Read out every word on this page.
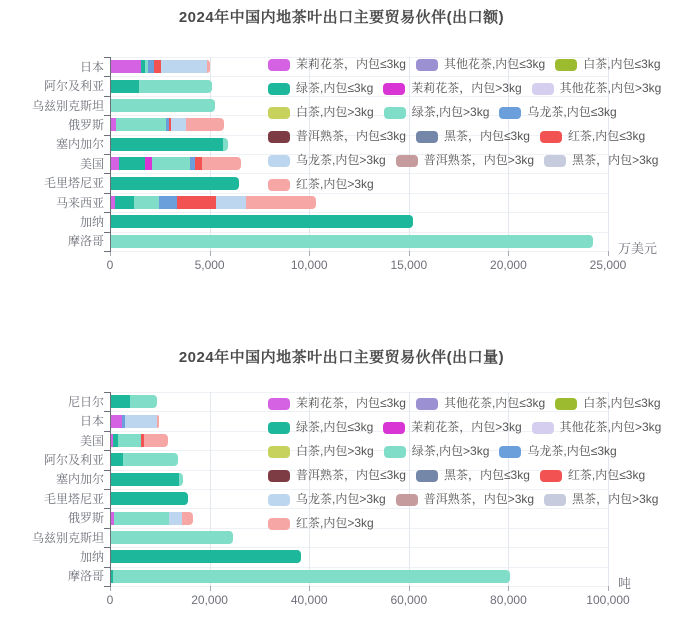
2024年中国内地茶叶出口主要贸易伙伴(出口额)
2024年中国内地茶叶出口主要贸易伙伴(出口量)
万美元
吨
0	5,000	10,000	15,000	20,000	25,000
日本
阿尔及利亚
乌兹别克斯坦
俄罗斯
塞内加尔
美国
毛里塔尼亚
马来西亚
加纳
摩洛哥
茉莉花茶，内包≤3kg	其他花茶,内包≤3kg	白茶,内包≤3kg
绿茶,内包≤3kg	茉莉花茶，内包>3kg	其他花茶,内包>3kg
白茶,内包>3kg	绿茶,内包>3kg	乌龙茶,内包≤3kg
普洱熟茶，内包≤3kg	黑茶，内包≤3kg	红茶,内包≤3kg
乌龙茶,内包>3kg	普洱熟茶，内包>3kg	黑茶，内包>3kg
红茶,内包>3kg
0	20,000	40,000	60,000	80,000	100,000
尼日尔
日本
美国
阿尔及利亚
塞内加尔
毛里塔尼亚
俄罗斯
乌兹别克斯坦
加纳
摩洛哥
茉莉花茶，内包≤3kg	其他花茶,内包≤3kg	白茶,内包≤3kg
绿茶,内包≤3kg	茉莉花茶，内包>3kg	其他花茶,内包>3kg
白茶,内包>3kg	绿茶,内包>3kg	乌龙茶,内包≤3kg
普洱熟茶，内包≤3kg	黑茶，内包≤3kg	红茶,内包≤3kg
乌龙茶,内包>3kg	普洱熟茶，内包>3kg	黑茶，内包>3kg
红茶,内包>3kg
